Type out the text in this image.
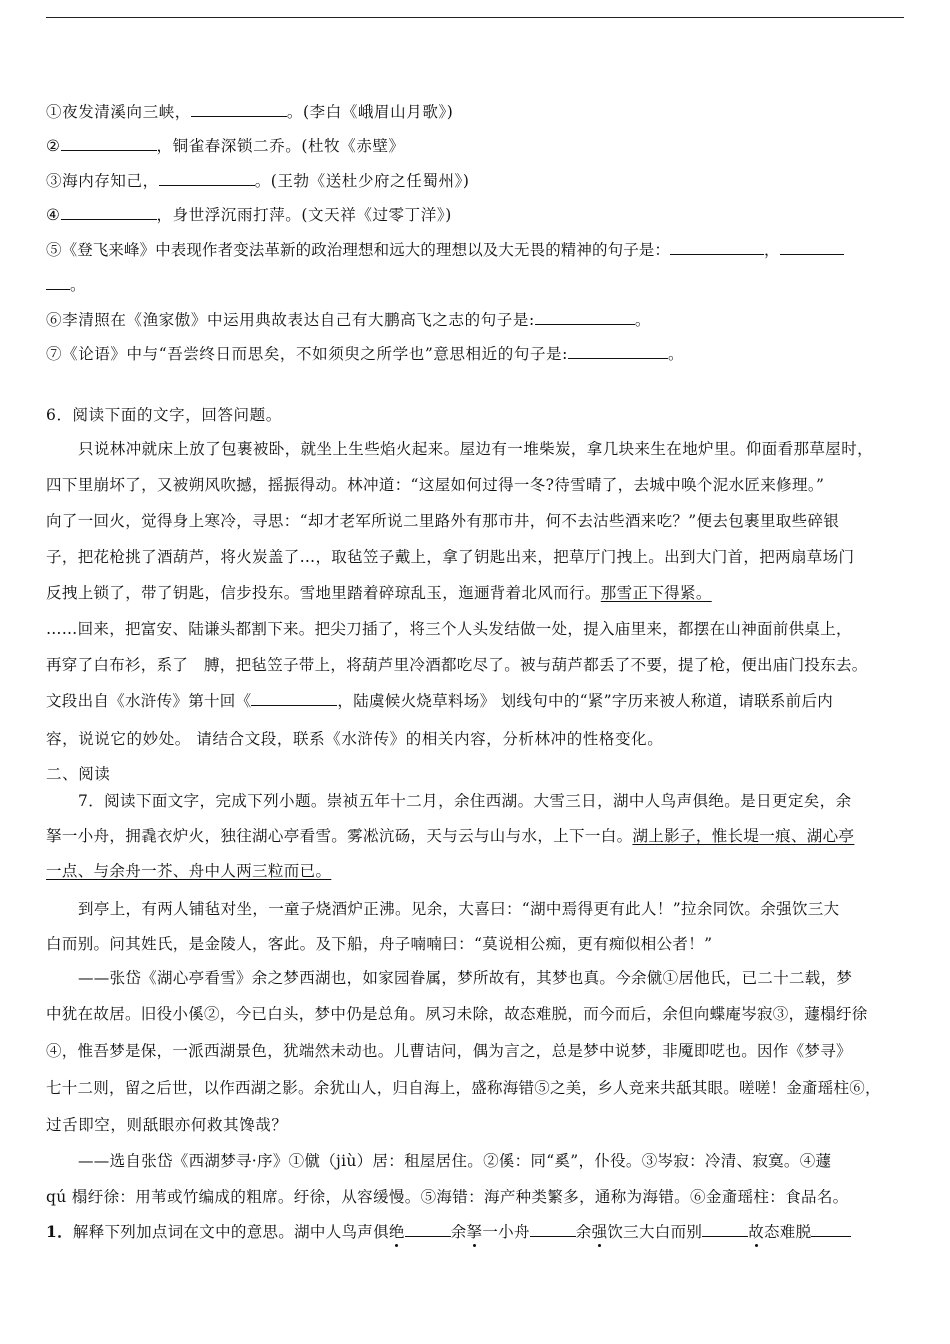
①夜发清溪向三峡，	。(李白《峨眉山月歌》)
②	，铜雀春深锁二乔。(杜牧《赤壁》
③海内存知己，	。(王勃《送杜少府之任蜀州》)
④	，身世浮沉雨打萍。(文天祥《过零丁洋》)
⑤《登飞来峰》中表现作者变法革新的政治理想和远大的理想以及大无畏的精神的句子是：	，
。
⑥李清照在《渔家傲》中运用典故表达自己有大鹏高飞之志的句子是:	。
⑦《论语》中与“吾尝终日而思矣，不如须臾之所学也”意思相近的句子是:	。
6．阅读下面的文字，回答问题。
只说林冲就床上放了包裹被卧，就坐上生些焰火起来。屋边有一堆柴炭，拿几块来生在地炉里。仰面看那草屋时，
四下里崩坏了，又被朔风吹撼，摇振得动。林冲道：“这屋如何过得一冬?待雪晴了，去城中唤个泥水匠来修理。”
向了一回火，觉得身上寒冷，寻思：“却才老军所说二里路外有那市井，何不去沽些酒来吃？”便去包裹里取些碎银
子，把花枪挑了酒葫芦，将火炭盖了…，取毡笠子戴上，拿了钥匙出来，把草厅门拽上。出到大门首，把两扇草场门
反拽上锁了，带了钥匙，信步投东。雪地里踏着碎琼乱玉，迤逦背着北风而行。那雪正下得紧。
……回来，把富安、陆谦头都割下来。把尖刀插了，将三个人头发结做一处，提入庙里来，都摆在山神面前供桌上，
再穿了白布衫，系了　膊，把毡笠子带上，将葫芦里冷酒都吃尽了。被与葫芦都丢了不要，提了枪，便出庙门投东去。
文段出自《水浒传》第十回《	，陆虞候火烧草料场》 划线句中的“紧”字历来被人称道，请联系前后内
容，说说它的妙处。 请结合文段，联系《水浒传》的相关内容，分析林冲的性格变化。
二、阅读
7．阅读下面文字，完成下列小题。崇祯五年十二月，余住西湖。大雪三日，湖中人鸟声俱绝。是日更定矣，余
拏一小舟，拥毳衣炉火，独往湖心亭看雪。雾凇沆砀，天与云与山与水，上下一白。湖上影子，惟长堤一痕、湖心亭
一点、与余舟一芥、舟中人两三粒而已。
到亭上，有两人铺毡对坐，一童子烧酒炉正沸。见余，大喜曰：“湖中焉得更有此人！”拉余同饮。余强饮三大
白而别。问其姓氏，是金陵人，客此。及下船，舟子喃喃曰：“莫说相公痴，更有痴似相公者！”
——张岱《湖心亭看雪》余之梦西湖也，如家园眷属，梦所故有，其梦也真。今余僦①居他氏，已二十二载，梦
中犹在故居。旧役小傒②，今已白头，梦中仍是总角。夙习未除，故态难脱，而今而后，余但向蝶庵岑寂③，蘧榻纡徐
④，惟吾梦是保，一派西湖景色，犹端然未动也。儿曹诘问，偶为言之，总是梦中说梦，非魇即呓也。因作《梦寻》
七十二则，留之后世，以作西湖之影。余犹山人，归自海上，盛称海错⑤之美，乡人竞来共舐其眼。嗟嗟！金齑瑶柱⑥，
过舌即空，则舐眼亦何救其馋哉？
——选自张岱《西湖梦寻·序》①僦（jiù）居：租屋居住。②傒：同“奚”，仆役。③岑寂：冷清、寂寞。④蘧
qú 榻纡徐：用苇或竹编成的粗席。纡徐，从容缓慢。⑤海错：海产种类繁多，通称为海错。⑥金齑瑶柱：食品名。
1．解释下列加点词在文中的意思。湖中人鸟声俱绝	余拏一小舟	余强饮三大白而别	故态难脱
